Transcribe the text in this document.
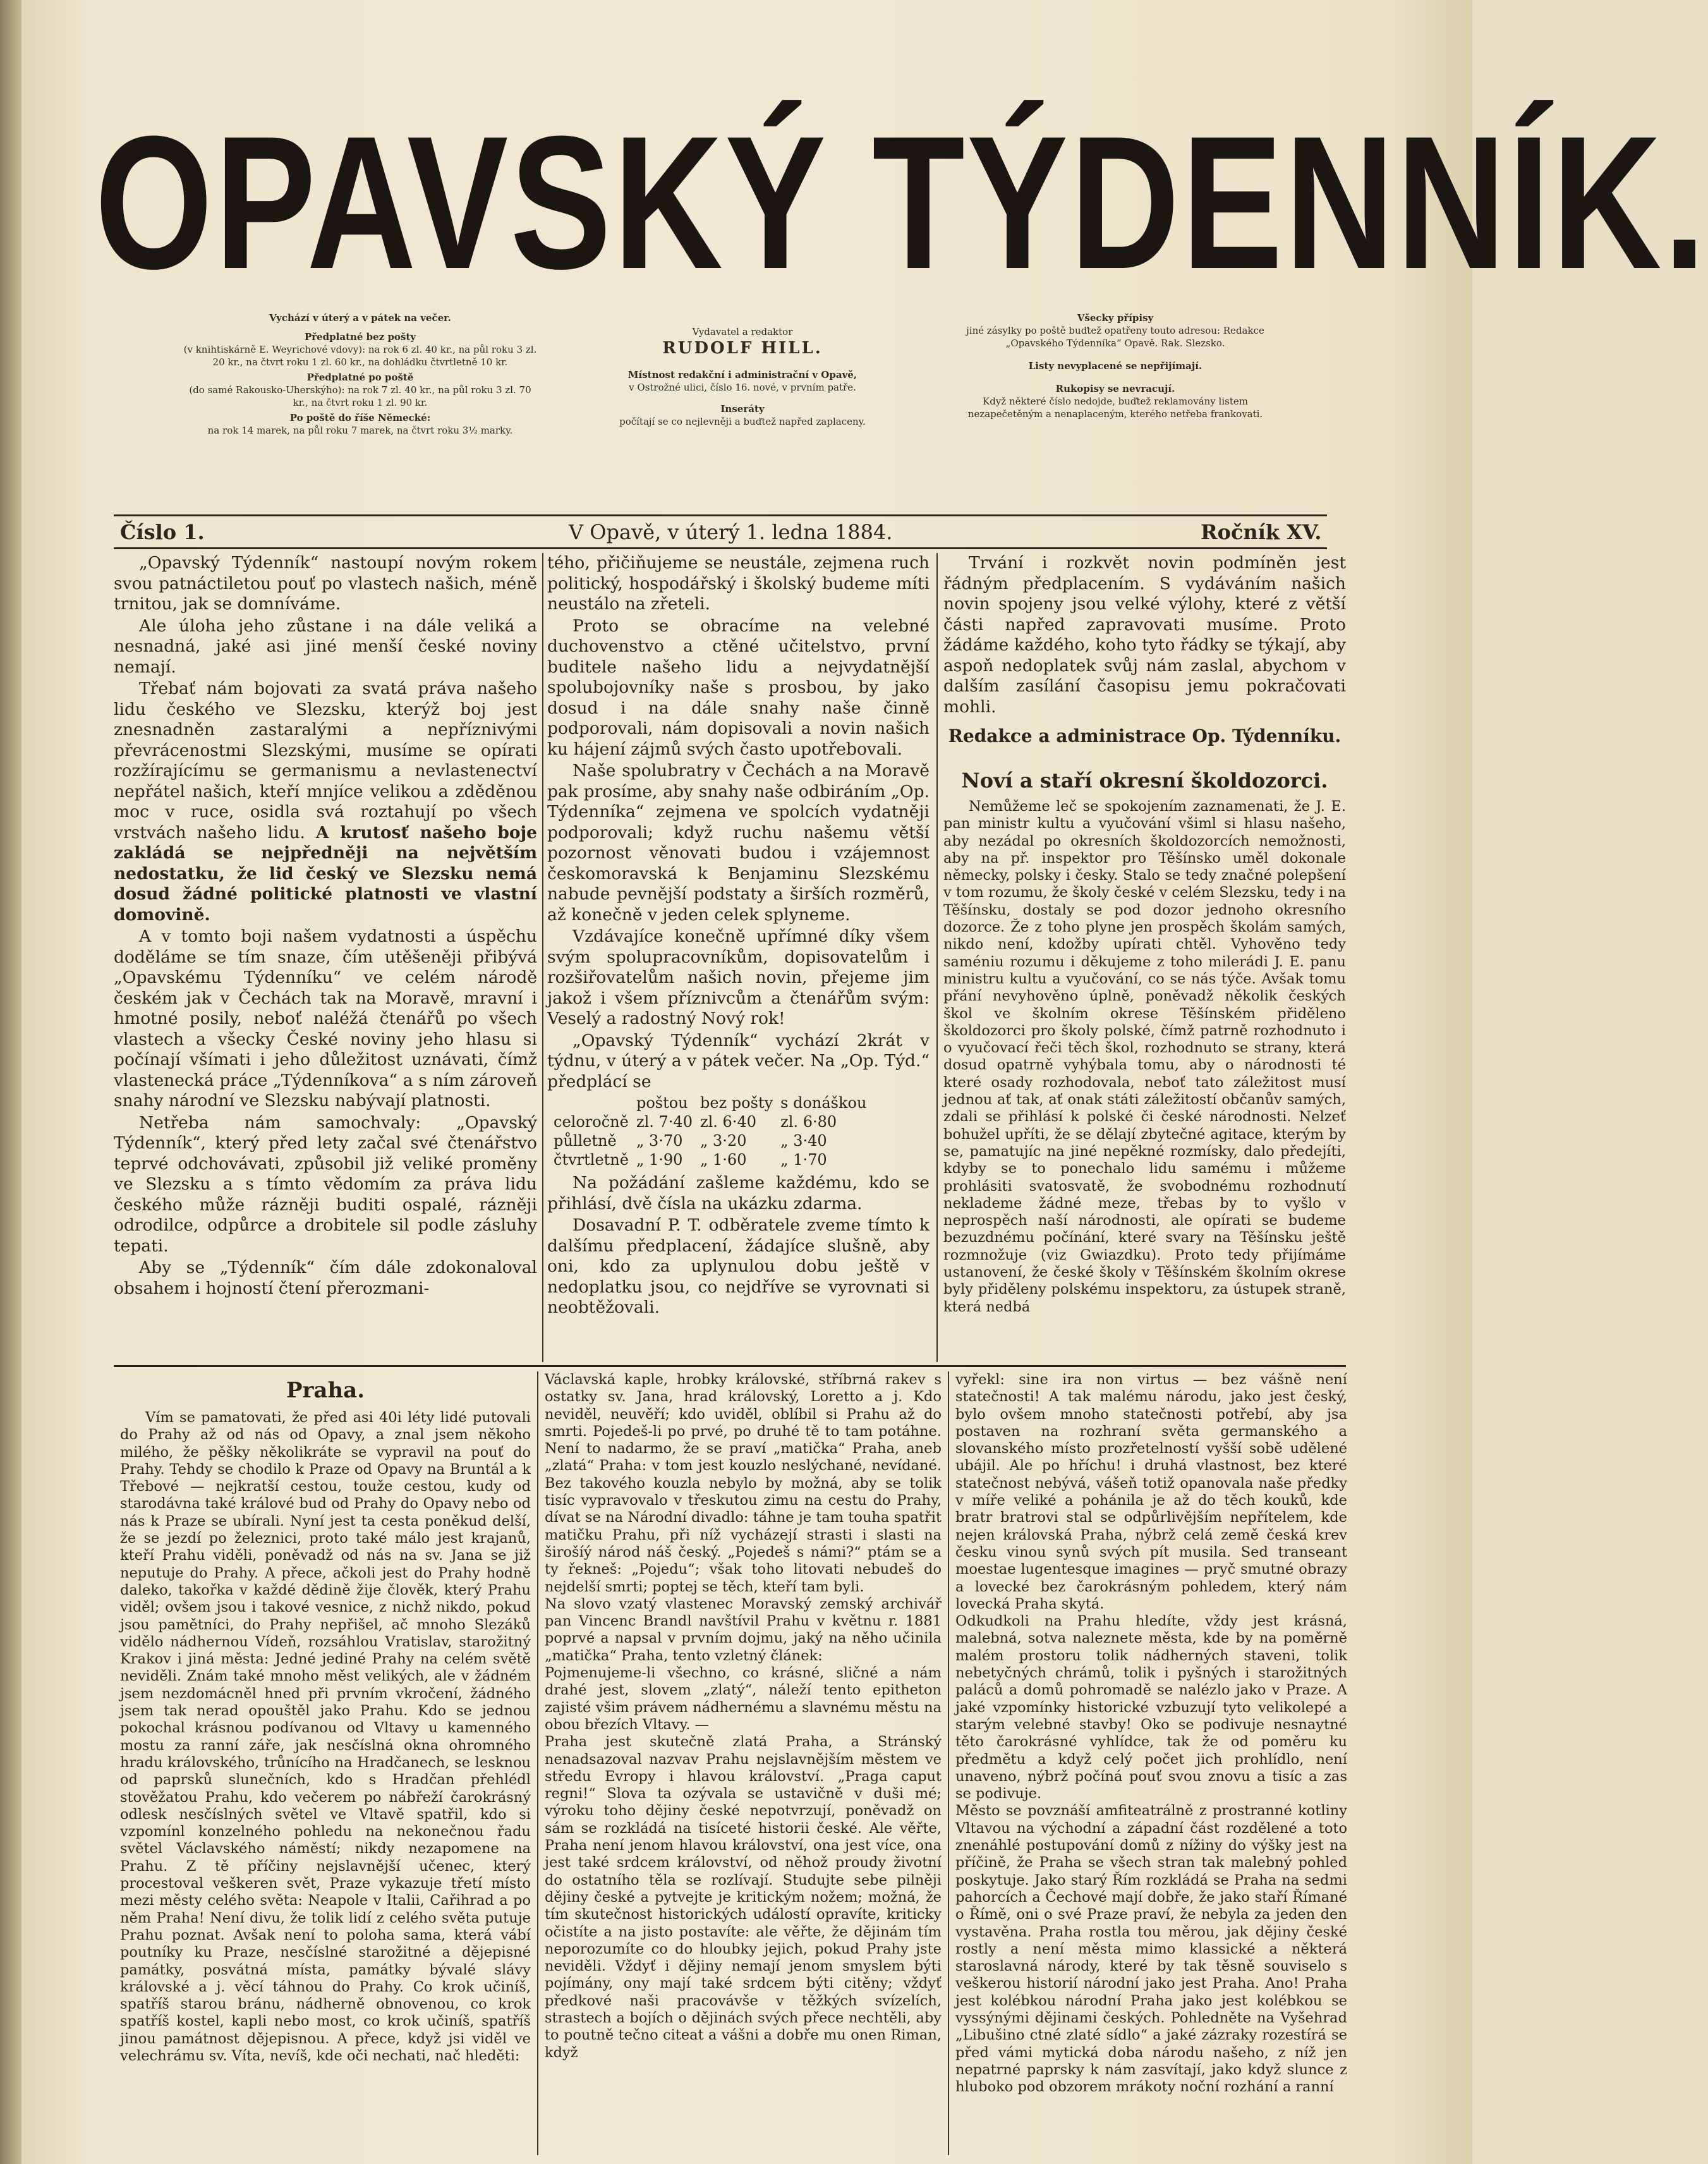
OPAVSKÝ TÝDENNÍK.
Vychází v úterý a v pátek na večer.
Předplatné bez pošty
(v knihtiskárně E. Weyrichové vdovy): na rok 6 zl. 40 kr., na půl roku 3 zl. 20 kr., na čtvrt roku 1 zl. 60 kr., na dohládku čtvrtletně 10 kr.
Předplatné po poště
(do samé Rakousko-Uherskýho): na rok 7 zl. 40 kr., na půl roku 3 zl. 70 kr., na čtvrt roku 1 zl. 90 kr.
Po poště do říše Německé:
na rok 14 marek, na půl roku 7 marek, na čtvrt roku 3½ marky.
Vydavatel a redaktor
RUDOLF HILL.
Místnost redakční i administrační v Opavě,
v Ostrožné ulici, číslo 16. nové, v prvním patře.
Inseráty
počítají se co nejlevněji a buďtež napřed zaplaceny.
Všecky přípisy
jiné zásylky po poště buďtež opatřeny touto adresou: Redakce „Opavského Týdenníka“ Opavě. Rak. Slezsko.
Listy nevyplacené se nepřijímají.
Rukopisy se nevracují.
Když některé číslo nedojde, buďtež reklamovány listem nezapečetěným a nenaplaceným, kterého netřeba frankovati.
Číslo 1.	V Opavě, v úterý 1. ledna 1884.	Ročník XV.

„Opavský Týdenník“ nastoupí novým rokem svou patnáctiletou pouť po vlastech našich, méně trnitou, jak se domníváme.

Ale úloha jeho zůstane i na dále veliká a nesnadná, jaké asi jiné menší české noviny nemají.

Třebať nám bojovati za svatá práva našeho lidu českého ve Slezsku, kterýž boj jest znesnadněn zastaralými a nepříznivými převrácenostmi Slezskými, musíme se opírati rozžírajícímu se germanismu a nevlastenectví nepřátel našich, kteří mnjíce velikou a zděděnou moc v ruce, osidla svá roztahují po všech vrstvách našeho lidu. A krutosť našeho boje zakládá se nejpředněji na největším nedostatku, že lid český ve Slezsku nemá dosud žádné politické platnosti ve vlastní domovině.

A v tomto boji našem vydatnosti a úspěchu doděláme se tím snaze, čím utěšeněji přibývá „Opavskému Týdenníku“ ve celém národě českém jak v Čechách tak na Moravě, mravní i hmotné posily, neboť naléžá čtenářů po všech vlastech a všecky České noviny jeho hlasu si počínají všímati i jeho důležitost uznávati, čímž vlastenecká práce „Týdenníkova“ a s ním zároveň snahy národní ve Slezsku nabývají platnosti.

Netřeba nám samochvaly: „Opavský Týdenník“, který před lety začal své čtenářstvo teprvé odchovávati, způsobil již veliké proměny ve Slezsku a s tímto vědomím za práva lidu českého může rázněji buditi ospalé, rázněji odrodilce, odpůrce a drobitele sil podle zásluhy tepati.

Aby se „Týdenník“ čím dále zdokonaloval obsahem i hojností čtení přerozmani-

tého, přičiňujeme se neustále, zejmena ruch politický, hospodářský i školský budeme míti neustálo na zřeteli.

Proto se obracíme na velebné duchovenstvo a ctěné učitelstvo, první buditele našeho lidu a nejvydatnější spolubojovníky naše s prosbou, by jako dosud i na dále snahy naše činně podporovali, nám dopisovali a novin našich ku hájení zájmů svých často upotřebovali.

Naše spolubratry v Čechách a na Moravě pak prosíme, aby snahy naše odbiráním „Op. Týdenníka“ zejmena ve spolcích vydatněji podporovali; když ruchu našemu větší pozornost věnovati budou i vzájemnost českomoravská k Benjaminu Slezskému nabude pevnější podstaty a širších rozměrů, až konečně v jeden celek splyneme.

Vzdávajíce konečně upřímné díky všem svým spolupracovníkům, dopisovatelům i rozšiřovatelům našich novin, přejeme jim jakož i všem příznivcům a čtenářům svým: Veselý a radostný Nový rok!

„Opavský Týdenník“ vychází 2krát v týdnu, v úterý a v pátek večer. Na „Op. Týd.“ předplácí se

	poštou	bez pošty	s donáškou
celoročně	zl. 7·40	zl. 6·40	zl. 6·80
půlletně	„ 3·70	„ 3·20	„ 3·40
čtvrtletně	„ 1·90	„ 1·60	„ 1·70

Na požádání zašleme každému, kdo se přihlásí, dvě čísla na ukázku zdarma.

Dosavadní P. T. odběratele zveme tímto k dalšímu předplacení, žádajíce slušně, aby oni, kdo za uplynulou dobu ještě v nedoplatku jsou, co nejdříve se vyrovnati si neobtěžovali.

Trvání i rozkvět novin podmíněn jest řádným předplacením. S vydáváním našich novin spojeny jsou velké výlohy, které z větší části napřed zapravovati musíme. Proto žádáme každého, koho tyto řádky se týkají, aby aspoň nedoplatek svůj nám zaslal, abychom v dalším zasílání časopisu jemu pokračovati mohli.

Redakce a administrace Op. Týdenníku.
Noví a staří okresní školdozorci.

Nemůžeme leč se spokojením zaznamenati, že J. E. pan ministr kultu a vyučování všiml si hlasu našeho, aby nezádal po okresních školdozorcích nemožnosti, aby na př. inspektor pro Těšínsko uměl dokonale německy, polsky i česky. Stalo se tedy značné polepšení v tom rozumu, že školy české v celém Slezsku, tedy i na Těšínsku, dostaly se pod dozor jednoho okresního dozorce. Že z toho plyne jen prospěch školám samých, nikdo není, kdožby upírati chtěl. Vyhověno tedy saméniu rozumu i děkujeme z toho milerádi J. E. panu ministru kultu a vyučování, co se nás týče. Avšak tomu přání nevyhověno úplně, poněvadž několik českých škol ve školním okrese Těšínském přiděleno školdozorci pro školy polské, čímž patrně rozhodnuto i o vyučovací řeči těch škol, rozhodnuto se strany, která dosud opatrně vyhýbala tomu, aby o národnosti té které osady rozhodovala, neboť tato záležitost musí jednou ať tak, ať onak státi záležitostí občanův samých, zdali se přihlásí k polské či české národnosti. Nelzeť bohužel upříti, že se dělají zbytečné agitace, kterým by se, pamatujíc na jiné nepěkné rozmísky, dalo předejíti, kdyby se to ponechalo lidu samému i můžeme prohlásiti svatosvatě, že svobodnému rozhodnutí neklademe žádné meze, třebas by to vyšlo v neprospěch naší národnosti, ale opírati se budeme bezuzdnému počínání, které svary na Těšínsku ještě rozmnožuje (viz Gwiazdku). Proto tedy přijímáme ustanovení, že české školy v Těšínském školním okrese byly přiděleny polskému inspektoru, za ústupek straně, která nedbá

Praha.

Vím se pamatovati, že před asi 40i léty lidé putovali do Prahy až od nás od Opavy, a znal jsem někoho milého, že pěšky několikráte se vypravil na pouť do Prahy. Tehdy se chodilo k Praze od Opavy na Bruntál a k Třebové — nejkratší cestou, touže cestou, kudy od starodávna také králové bud od Prahy do Opavy nebo od nás k Praze se ubírali. Nyní jest ta cesta poněkud delší, že se jezdí po železnici, proto také málo jest krajanů, kteří Prahu viděli, poněvadž od nás na sv. Jana se již neputuje do Prahy. A přece, ačkoli jest do Prahy hodně daleko, takořka v každé dědině žije člověk, který Prahu viděl; ovšem jsou i takové vesnice, z nichž nikdo, pokud jsou pamětníci, do Prahy nepřišel, ač mnoho Slezáků vidělo nádhernou Vídeň, rozsáhlou Vratislav, starožitný Krakov i jiná města: Jedné jediné Prahy na celém světě neviděli. Znám také mnoho měst velikých, ale v žádném jsem nezdomácněl hned při prvním vkročení, žádného jsem tak nerad opouštěl jako Prahu. Kdo se jednou pokochal krásnou podívanou od Vltavy u kamenného mostu za ranní záře, jak nesčíslná okna ohromného hradu královského, trůnícího na Hradčanech, se lesknou od paprsků slunečních, kdo s Hradčan přehlédl stověžatou Prahu, kdo večerem po nábřeží čarokrásný odlesk nesčíslných světel ve Vltavě spatřil, kdo si vzpomínl konzelného pohledu na nekonečnou řadu světel Václavského náměstí; nikdy nezapomene na Prahu. Z tě příčiny nejslavnější učenec, který procestoval veškeren svět, Praze vykazuje třetí místo mezi městy celého světa: Neapole v Italii, Cařihrad a po něm Praha! Není divu, že tolik lidí z celého světa putuje Prahu poznat. Avšak není to poloha sama, která vábí poutníky ku Praze, nesčíslné starožitné a dějepisné památky, posvátná místa, památky bývalé slávy královské a j. věcí táhnou do Prahy. Co krok učiníš, spatříš starou bránu, nádherně obnovenou, co krok spatříš kostel, kapli nebo most, co krok učiníš, spatříš jinou památnost dějepisnou. A přece, když jsi viděl ve velechrámu sv. Víta, nevíš, kde oči nechati, nač hleděti:

Václavská kaple, hrobky královské, stříbrná rakev s ostatky sv. Jana, hrad královský, Loretto a j. Kdo neviděl, neuvěří; kdo uviděl, oblíbil si Prahu až do smrti. Pojedeš-li po prvé, po druhé tě to tam potáhne. Není to nadarmo, že se praví „matička“ Praha, aneb „zlatá“ Praha: v tom jest kouzlo neslýchané, nevídané. Bez takového kouzla nebylo by možná, aby se tolik tisíc vypravovalo v třeskutou zimu na cestu do Prahy, dívat se na Národní divadlo: táhne je tam touha spatřit matičku Prahu, při níž vycházejí strasti i slasti na širošíý národ náš český. „Pojedeš s námi?“ ptám se a ty řekneš: „Pojedu“; však toho litovati nebudeš do nejdelší smrti; poptej se těch, kteří tam byli.
Na slovo vzatý vlastenec Moravský zemský archivář pan Vincenc Brandl navštívil Prahu v květnu r. 1881 poprvé a napsal v prvním dojmu, jaký na něho učinila „matička“ Praha, tento vzletný článek:
Pojmenujeme-li všechno, co krásné, sličné a nám drahé jest, slovem „zlatý“, náleží tento epitheton zajisté všim právem nádhernému a slavnému městu na obou březích Vltavy. —
Praha jest skutečně zlatá Praha, a Stránský nenadsazoval nazvav Prahu nejslavnějším městem ve středu Evropy i hlavou království. „Praga caput regni!“ Slova ta ozývala se ustavičně v duši mé; výroku toho dějiny české nepotvrzují, poněvadž on sám se rozkládá na tisíceté historii české. Ale věřte, Praha není jenom hlavou království, ona jest více, ona jest také srdcem království, od něhož proudy životní do ostatního těla se rozlívají. Studujte sebe pilněji dějiny české a pytvejte je kritickým nožem; možná, že tím skutečnost historických událostí opravíte, kriticky očistíte a na jisto postavíte: ale věřte, že dějinám tím neporozumíte co do hloubky jejich, pokud Prahy jste neviděli. Vždyť i dějiny nemají jenom smyslem býti pojímány, ony mají také srdcem býti citěny; vždyť předkové naši pracovávše v těžkých svízelích, strastech a bojích o dějinách svých přece nechtěli, aby to poutně tečno citeat a vášni a dobře mu onen Riman, když

vyřekl: sine ira non virtus — bez vášně není statečnosti! A tak malému národu, jako jest český, bylo ovšem mnoho statečnosti potřebí, aby jsa postaven na rozhraní světa germanského a slovanského místo prozřetelností vyšší sobě udělené ubájil. Ale po hříchu! i druhá vlastnost, bez které statečnost nebývá, vášeň totiž opanovala naše předky v míře veliké a pohánila je až do těch kouků, kde bratr bratrovi stal se odpůrlivějším nepřítelem, kde nejen královská Praha, nýbrž celá země česká krev česku vinou synů svých pít musila. Sed transeant moestae lugentesque imagines — pryč smutné obrazy a lovecké bez čarokrásným pohledem, který nám lovecká Praha skytá.
Odkudkoli na Prahu hledíte, vždy jest krásná, malebná, sotva naleznete města, kde by na poměrně malém prostoru tolik nádherných staveni, tolik nebetyčných chrámů, tolik i pyšných i starožitných paláců a domů pohromadě se nalézlo jako v Praze. A jaké vzpomínky historické vzbuzují tyto velikolepé a starým velebné stavby! Oko se podivuje nesnaytné těto čarokrásné vyhlídce, tak že od poměru ku předmětu a když celý počet jich prohlídlo, není unaveno, nýbrž počíná pouť svou znovu a tisíc a zas se podivuje.
Město se povznáší amfiteatrálně z prostranné kotliny Vltavou na východní a západní část rozdělené a toto znenáhlé postupování domů z nížiny do výšky jest na příčině, že Praha se všech stran tak malebný pohled poskytuje. Jako starý Řím rozkládá se Praha na sedmi pahorcích a Čechové mají dobře, že jako staří Římané o Římě, oni o své Praze praví, že nebyla za jeden den vystavěna. Praha rostla tou měrou, jak dějiny české rostly a není města mimo klassické a některá staroslavná národy, které by tak těsně souviselo s veškerou historií národní jako jest Praha. Ano! Praha jest kolébkou národní Praha jako jest kolébkou se vyssýnými dějinami českých. Pohledněte na Vyšehrad „Libušino ctné zlaté sídlo“ a jaké zázraky rozestírá se před vámi mytická doba národu našeho, z níž jen nepatrné paprsky k nám zasvítají, jako když slunce z hluboko pod obzorem mrákoty noční rozhání a ranní
